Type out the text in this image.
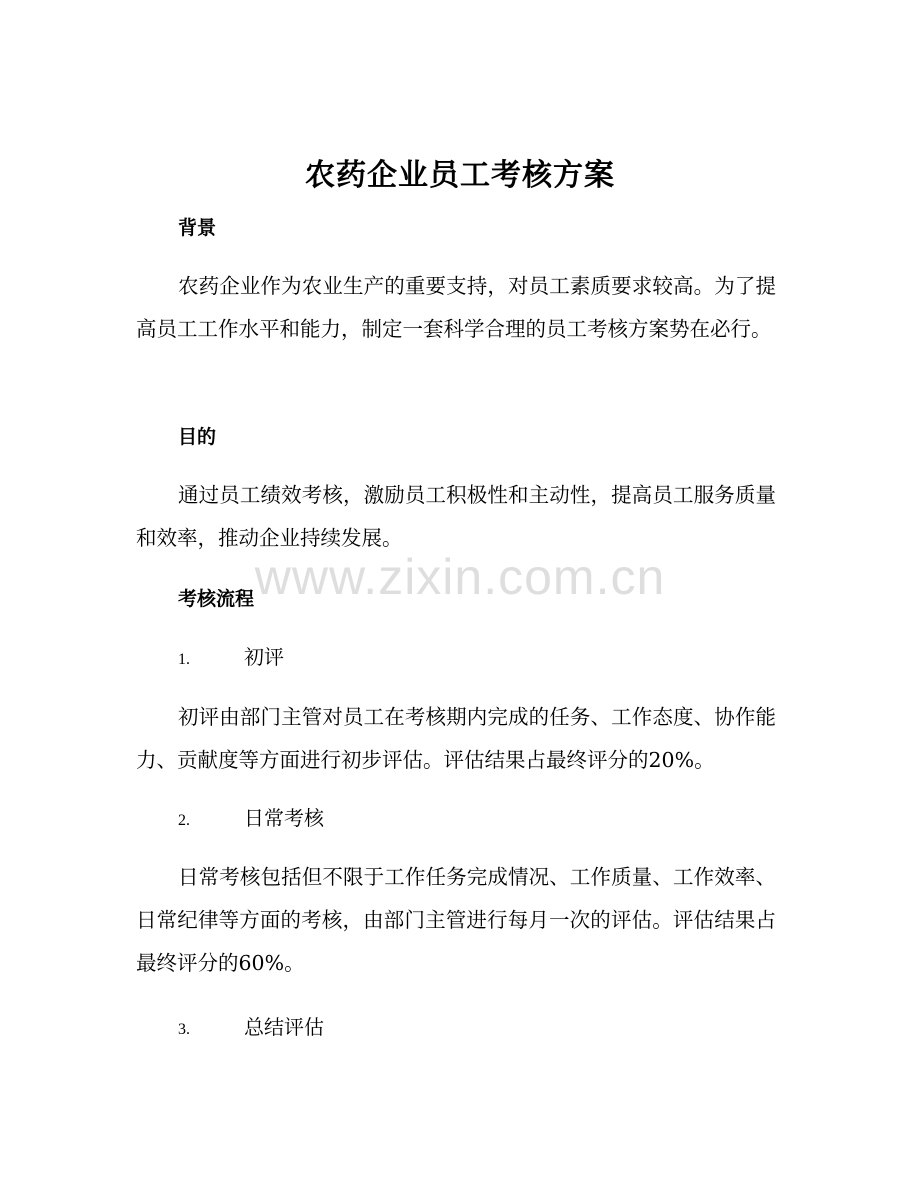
农药企业员工考核方案
背景
农药企业作为农业生产的重要支持，对员工素质要求较高。为了提高员工工作水平和能力，制定一套科学合理的员工考核方案势在必行。
目的
通过员工绩效考核，激励员工积极性和主动性，提高员工服务质量和效率，推动企业持续发展。
考核流程
1.	初评
初评由部门主管对员工在考核期内完成的任务、工作态度、协作能力、贡献度等方面进行初步评估。评估结果占最终评分的20%。
2.	日常考核
日常考核包括但不限于工作任务完成情况、工作质量、工作效率、日常纪律等方面的考核，由部门主管进行每月一次的评估。评估结果占最终评分的60%。
3.	总结评估
www.zixin.com.cn
